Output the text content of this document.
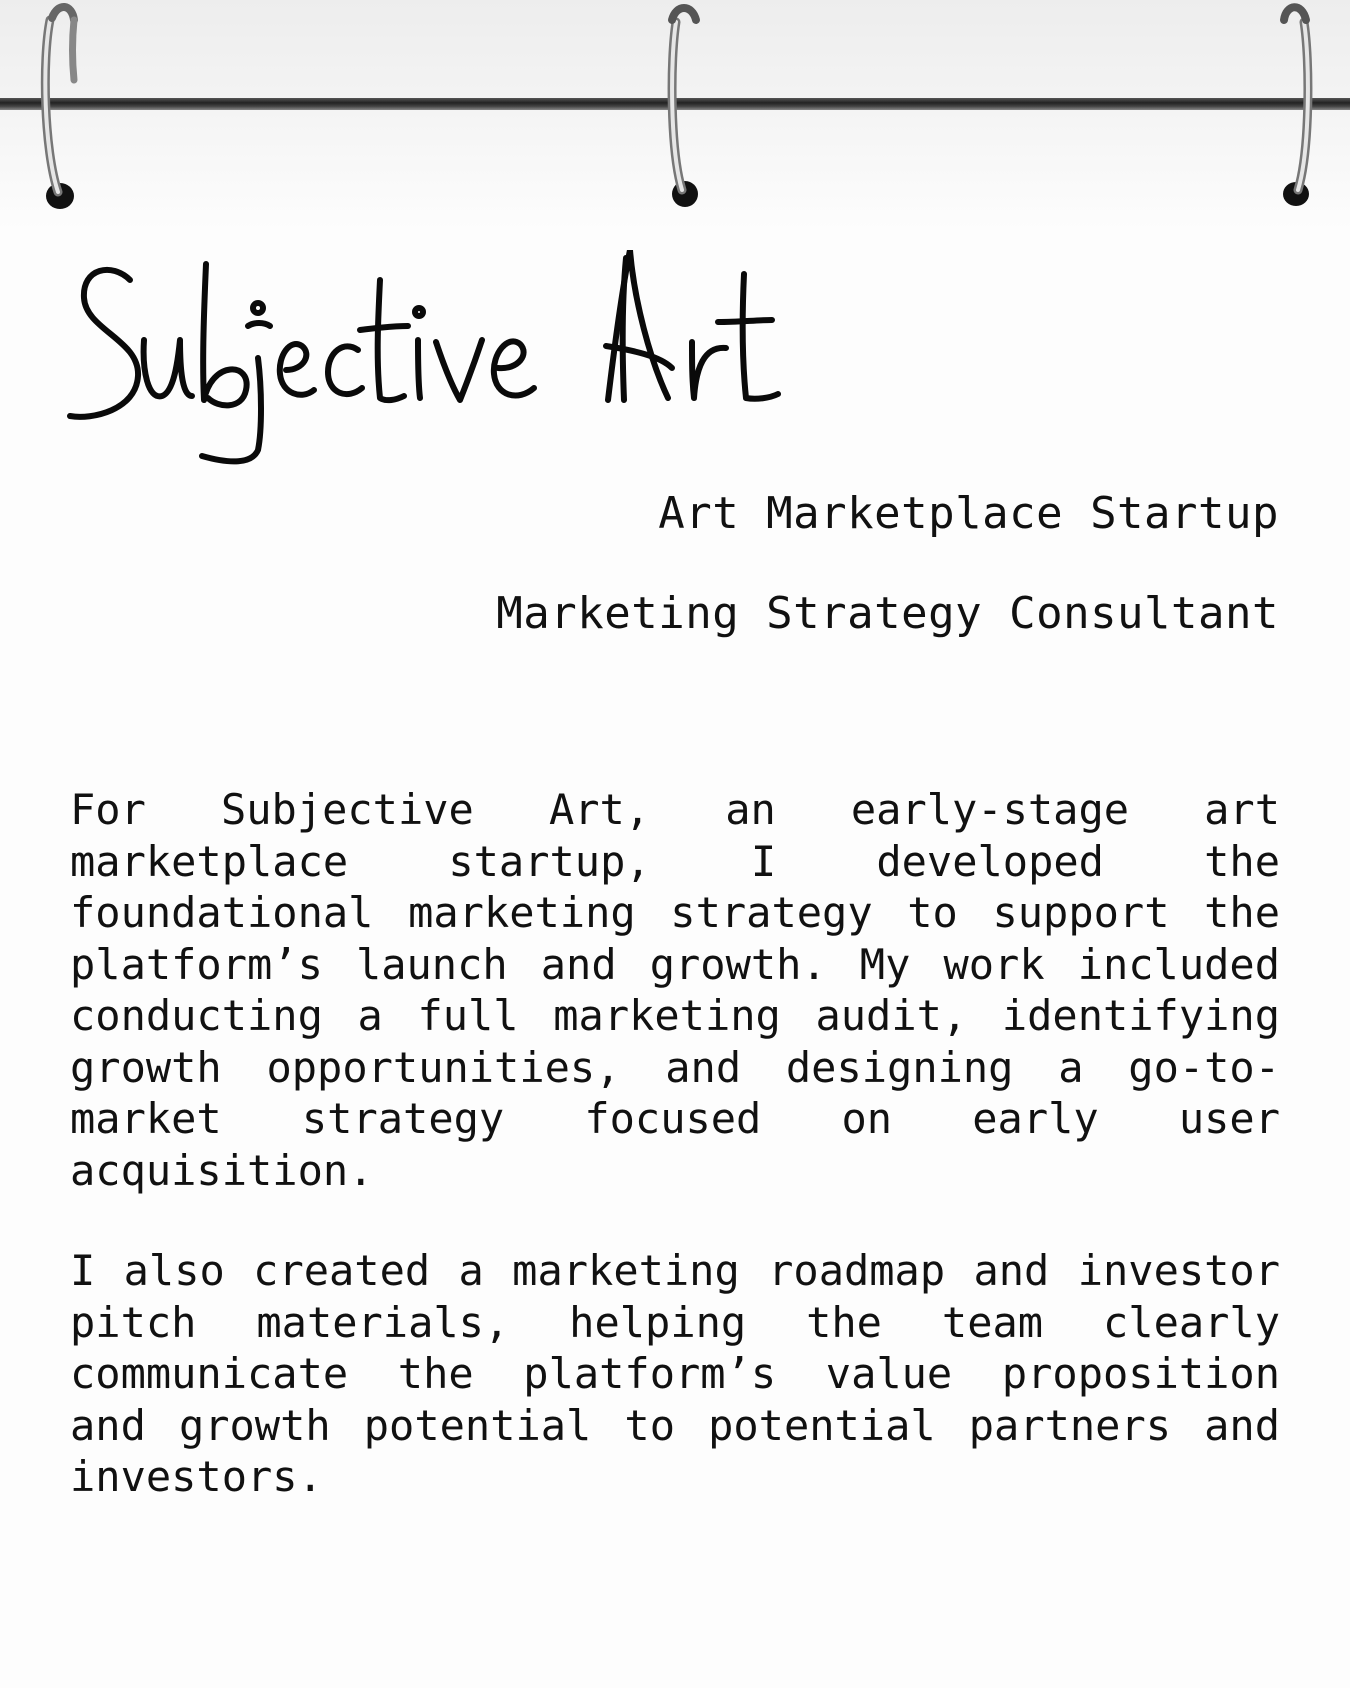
Art Marketplace Startup
Marketing Strategy Consultant

For Subjective Art, an early-stage art marketplace startup, I developed the foundational marketing strategy to support the platform’s launch and growth. My work included conducting a full marketing audit, identifying growth opportunities, and designing a go-to-market strategy focused on early user acquisition.

I also created a marketing roadmap and investor pitch materials, helping the team clearly communicate the platform’s value proposition and growth potential to potential partners and investors.
